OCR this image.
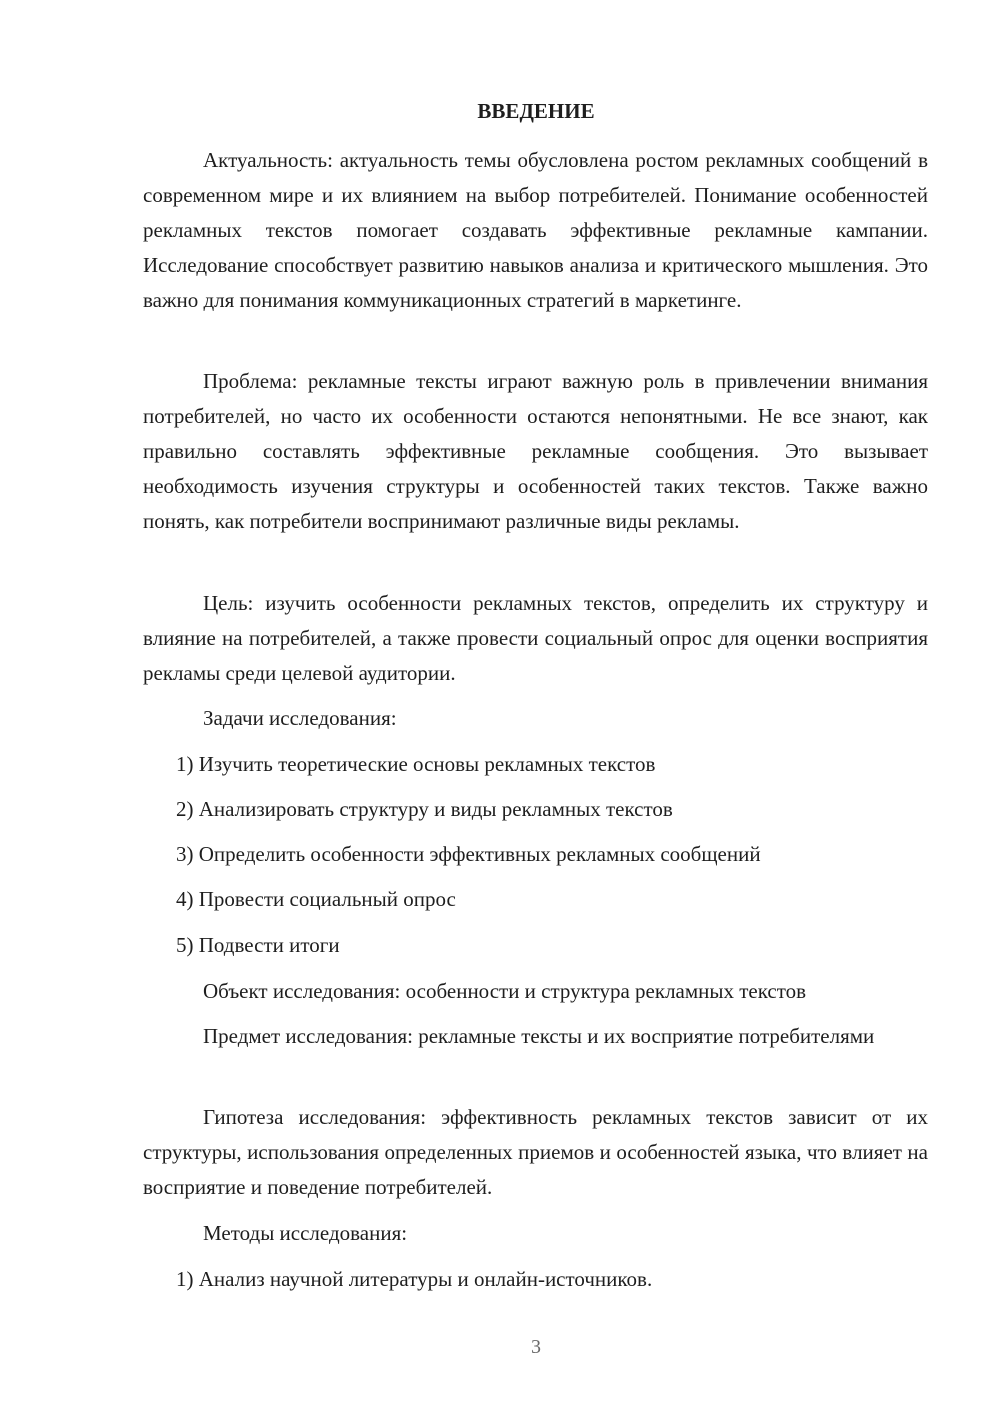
ВВЕДЕНИЕ

Актуальность: актуальность темы обусловлена ростом рекламных сообщений в современном мире и их влиянием на выбор потребителей. Понимание особенностей рекламных текстов помогает создавать эффективные рекламные кампании. Исследование способствует развитию навыков анализа и критического мышления. Это важно для понимания коммуникационных стратегий в маркетинге.

Проблема: рекламные тексты играют важную роль в привлечении внимания потребителей, но часто их особенности остаются непонятными. Не все знают, как правильно составлять эффективные рекламные сообщения. Это вызывает необходимость изучения структуры и особенностей таких текстов. Также важно понять, как потребители воспринимают различные виды рекламы.

Цель: изучить особенности рекламных текстов, определить их структуру и влияние на потребителей, а также провести социальный опрос для оценки восприятия рекламы среди целевой аудитории.

Задачи исследования:
1) Изучить теоретические основы рекламных текстов
2) Анализировать структуру и виды рекламных текстов
3) Определить особенности эффективных рекламных сообщений
4) Провести социальный опрос
5) Подвести итоги
Объект исследования: особенности и структура рекламных текстов

Предмет исследования: рекламные тексты и их восприятие потребителями

Гипотеза исследования: эффективность рекламных текстов зависит от их структуры, использования определенных приемов и особенностей языка, что влияет на восприятие и поведение потребителей.

Методы исследования:
1) Анализ научной литературы и онлайн-источников.
3
